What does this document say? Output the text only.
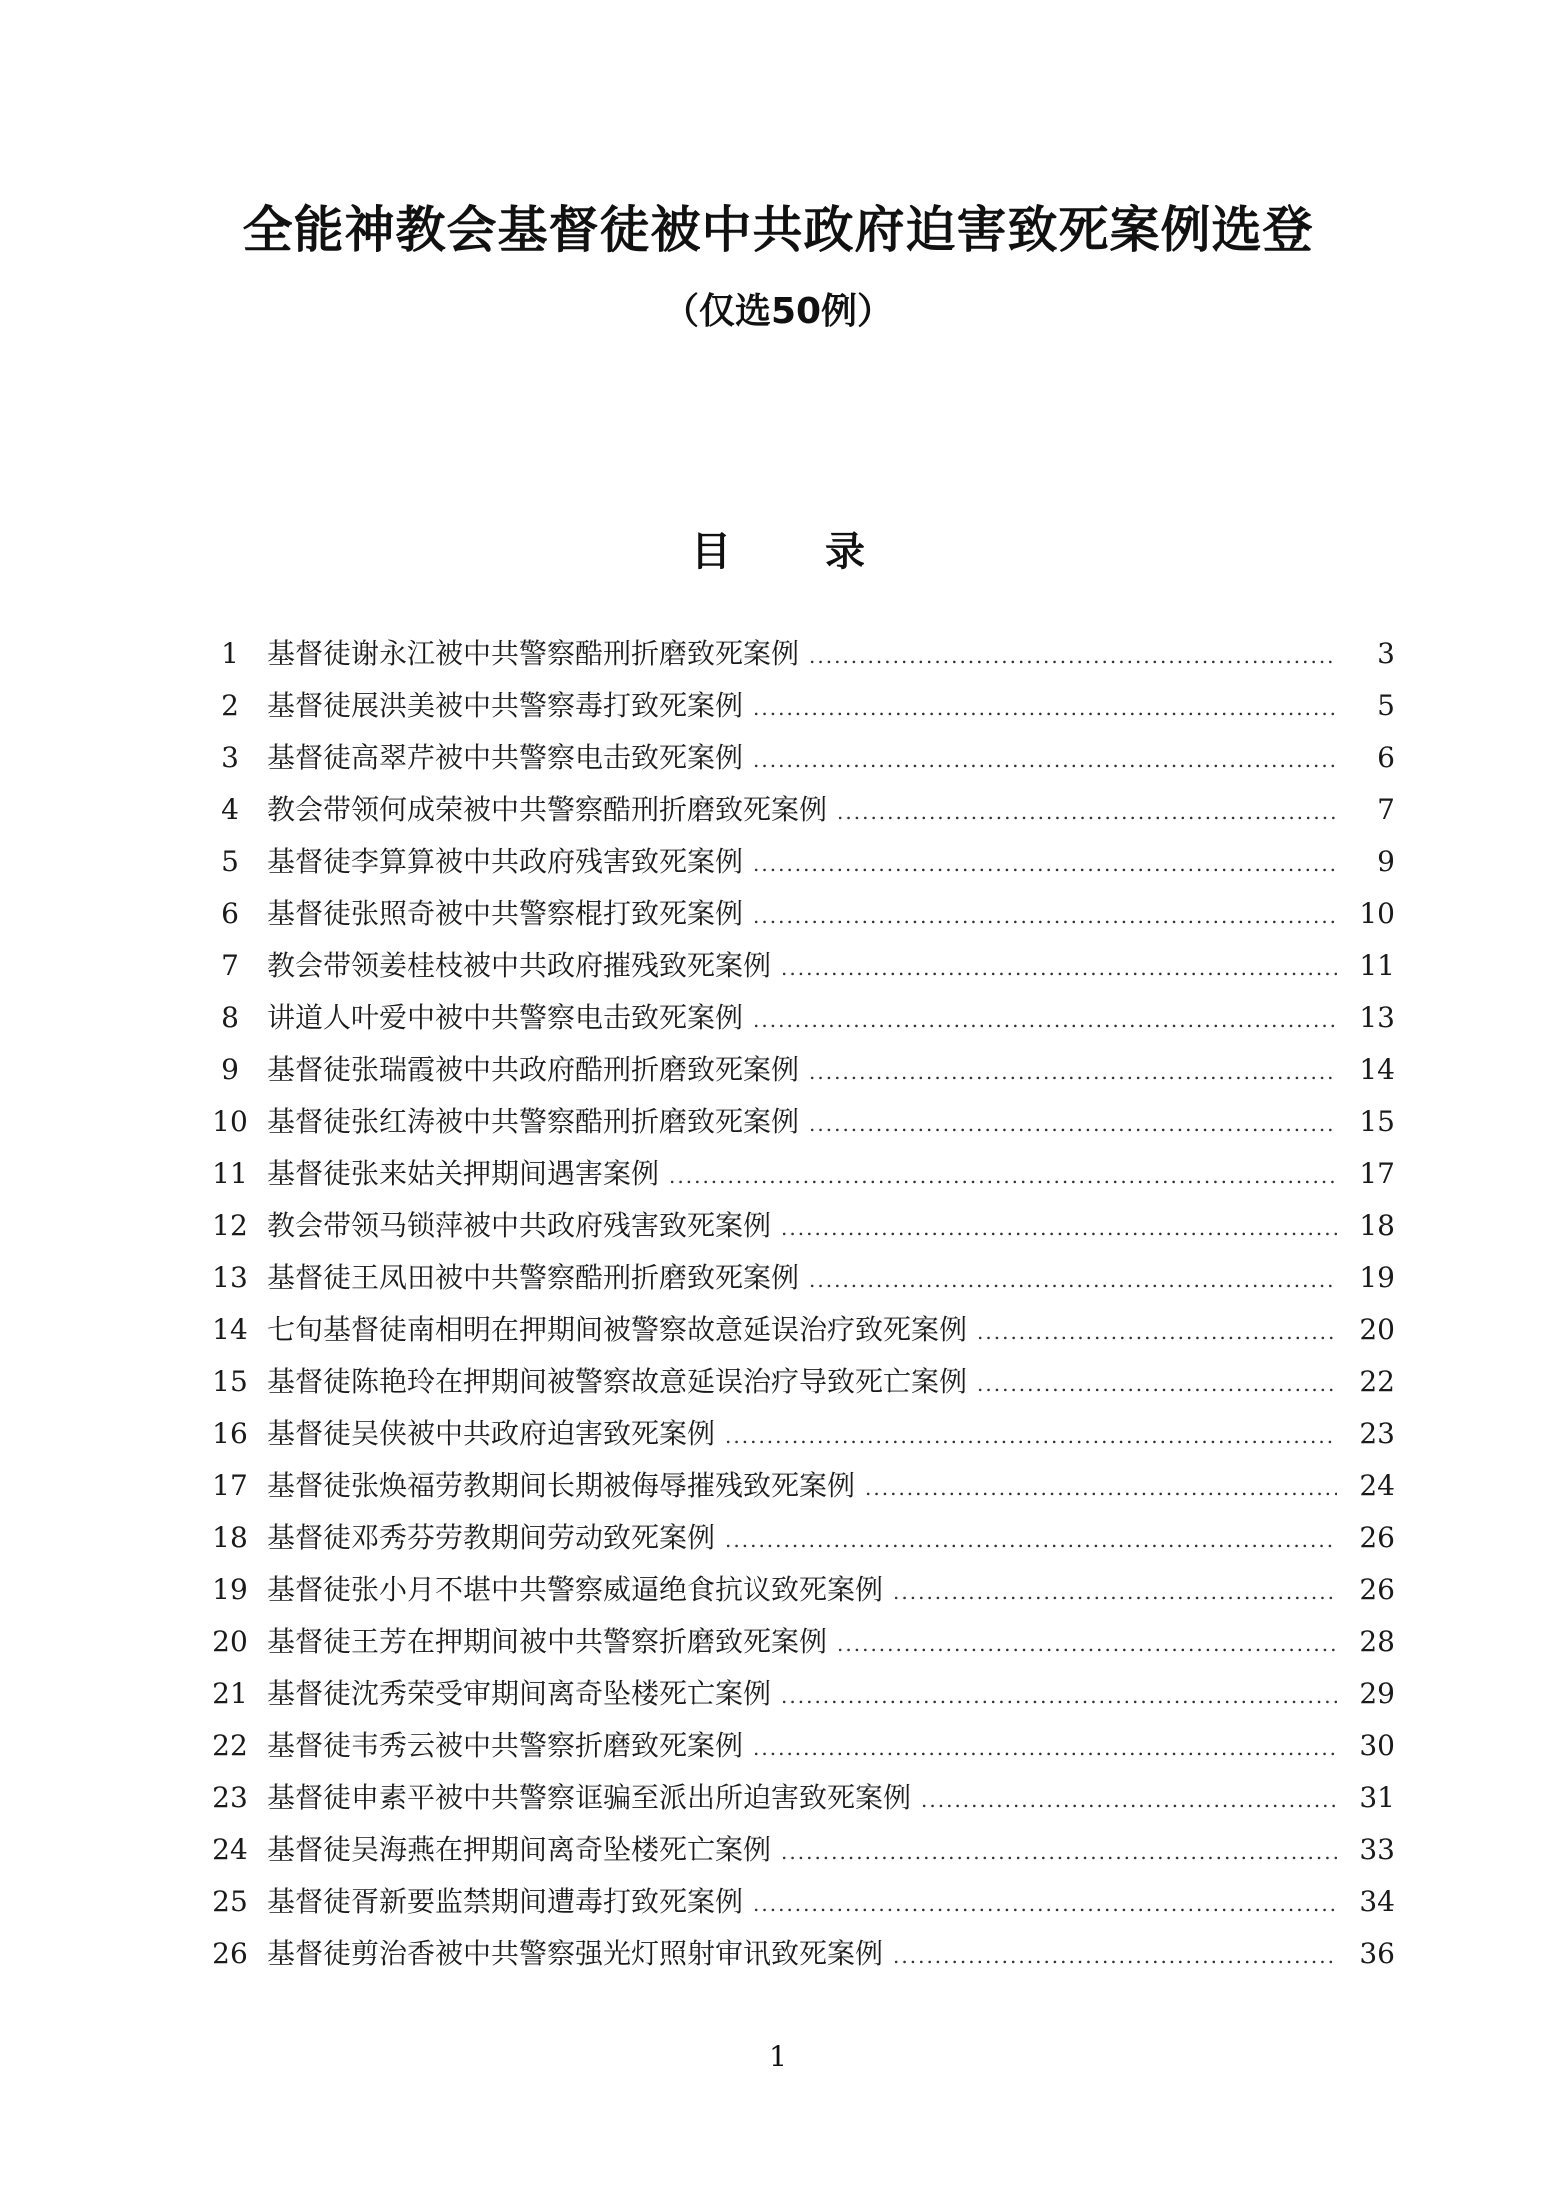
全能神教会基督徒被中共政府迫害致死案例选登
（仅选50例）
目 录
1	基督徒谢永江被中共警察酷刑折磨致死案例 .....	3
2	基督徒展洪美被中共警察毒打致死案例 .....	5
3	基督徒高翠芹被中共警察电击致死案例 .....	6
4	教会带领何成荣被中共警察酷刑折磨致死案例 .....	7
5	基督徒李算算被中共政府残害致死案例 .....	9
6	基督徒张照奇被中共警察棍打致死案例 .....	10
7	教会带领姜桂枝被中共政府摧残致死案例 .....	11
8	讲道人叶爱中被中共警察电击致死案例 .....	13
9	基督徒张瑞霞被中共政府酷刑折磨致死案例 .....	14
10 基督徒张红涛被中共警察酷刑折磨致死案例 .....	15
11 基督徒张来姑关押期间遇害案例 .....	17
12 教会带领马锁萍被中共政府残害致死案例 .....	18
13 基督徒王凤田被中共警察酷刑折磨致死案例 .....	19
14 七旬基督徒南相明在押期间被警察故意延误治疗致死案例 .....	20
15 基督徒陈艳玲在押期间被警察故意延误治疗导致死亡案例 .....	22
16 基督徒吴侠被中共政府迫害致死案例 .....	23
17 基督徒张焕福劳教期间长期被侮辱摧残致死案例 .....	24
18 基督徒邓秀芬劳教期间劳动致死案例 .....	26
19 基督徒张小月不堪中共警察威逼绝食抗议致死案例 .....	26
20 基督徒王芳在押期间被中共警察折磨致死案例 .....	28
21 基督徒沈秀荣受审期间离奇坠楼死亡案例 .....	29
22 基督徒韦秀云被中共警察折磨致死案例 .....	30
23 基督徒申素平被中共警察诓骗至派出所迫害致死案例 .....	31
24 基督徒吴海燕在押期间离奇坠楼死亡案例 .....	33
25 基督徒胥新要监禁期间遭毒打致死案例 .....	34
26 基督徒剪治香被中共警察强光灯照射审讯致死案例 .....	36
1
